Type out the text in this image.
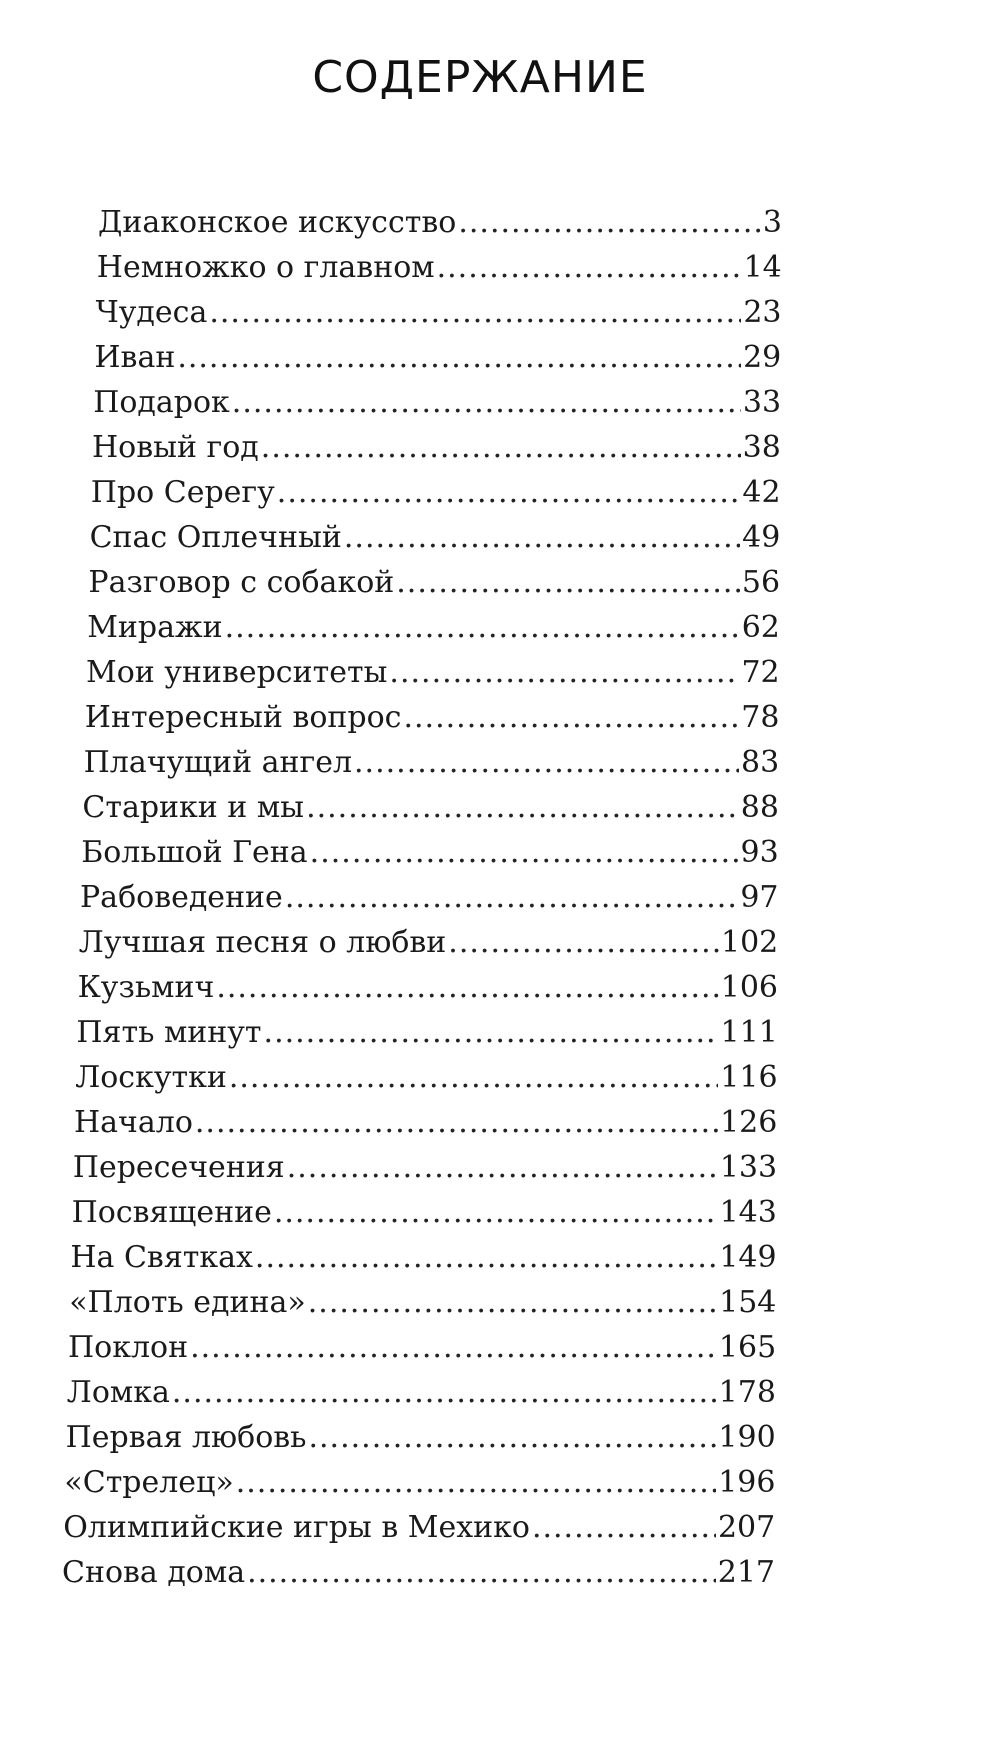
СОДЕРЖАНИЕ
Диаконское искусство .....	3
Немножко о главном .....	14
Чудеса .....	23
Иван .....	29
Подарок .....	33
Новый год .....	38
Про Серегу .....	42
Спас Оплечный .....	49
Разговор с собакой .....	56
Миражи .....	62
Мои университеты .....	72
Интересный вопрос .....	78
Плачущий ангел .....	83
Старики и мы .....	88
Большой Гена .....	93
Рабоведение .....	97
Лучшая песня о любви .....	102
Кузьмич .....	106
Пять минут .....	111
Лоскутки .....	116
Начало .....	126
Пересечения .....	133
Посвящение .....	143
На Святках .....	149
«Плоть едина» .....	154
Поклон .....	165
Ломка .....	178
Первая любовь .....	190
«Стрелец» .....	196
Олимпийские игры в Мехико .....	207
Снова дома .....	217
